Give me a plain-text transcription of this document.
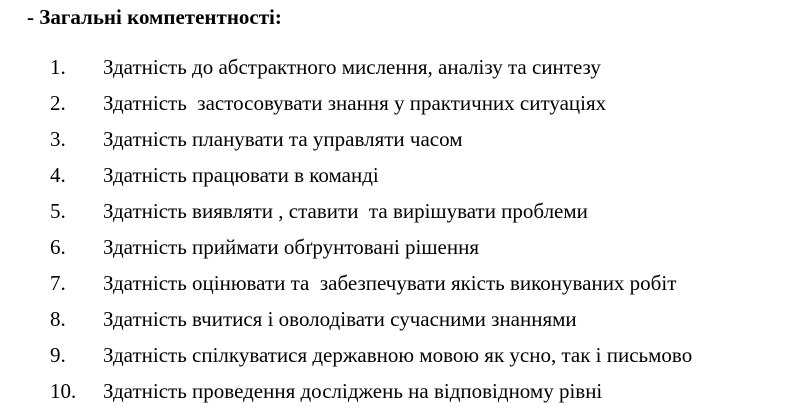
- Загальні компетентності:
1. Здатність до абстрактного мислення, аналізу та синтезу
2. Здатність  застосовувати знання у практичних ситуаціях
3. Здатність планувати та управляти часом
4. Здатність працювати в команді
5. Здатність виявляти , ставити  та вирішувати проблеми
6. Здатність приймати обґрунтовані рішення
7. Здатність оцінювати та  забезпечувати якість виконуваних робіт
8. Здатність вчитися і оволодівати сучасними знаннями
9. Здатність спілкуватися державною мовою як усно, так і письмово
10. Здатність проведення досліджень на відповідному рівні
